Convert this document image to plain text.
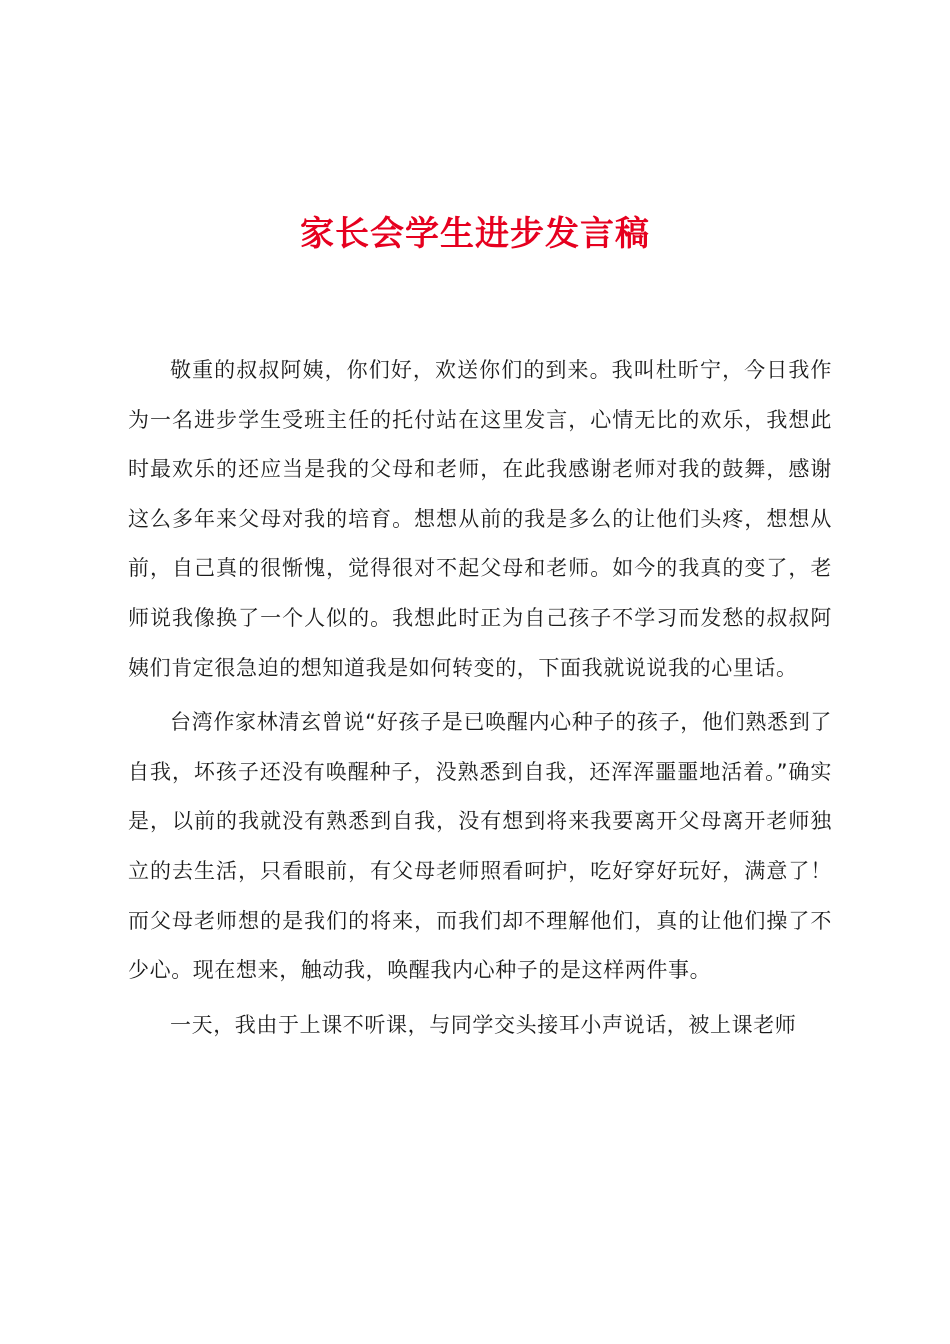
家长会学生进步发言稿

敬重的叔叔阿姨，你们好，欢送你们的到来。我叫杜昕宁，今日我作为一名进步学生受班主任的托付站在这里发言，心情无比的欢乐，我想此时最欢乐的还应当是我的父母和老师，在此我感谢老师对我的鼓舞，感谢这么多年来父母对我的培育。想想从前的我是多么的让他们头疼，想想从前，自己真的很惭愧，觉得很对不起父母和老师。如今的我真的变了，老师说我像换了一个人似的。我想此时正为自己孩子不学习而发愁的叔叔阿姨们肯定很急迫的想知道我是如何转变的，下面我就说说我的心里话。

台湾作家林清玄曾说“好孩子是已唤醒内心种子的孩子，他们熟悉到了自我，坏孩子还没有唤醒种子，没熟悉到自我，还浑浑噩噩地活着。”确实是，以前的我就没有熟悉到自我，没有想到将来我要离开父母离开老师独立的去生活，只看眼前，有父母老师照看呵护，吃好穿好玩好，满意了！而父母老师想的是我们的将来，而我们却不理解他们，真的让他们操了不少心。现在想来，触动我，唤醒我内心种子的是这样两件事。

一天，我由于上课不听课，与同学交头接耳小声说话，被上课老师
